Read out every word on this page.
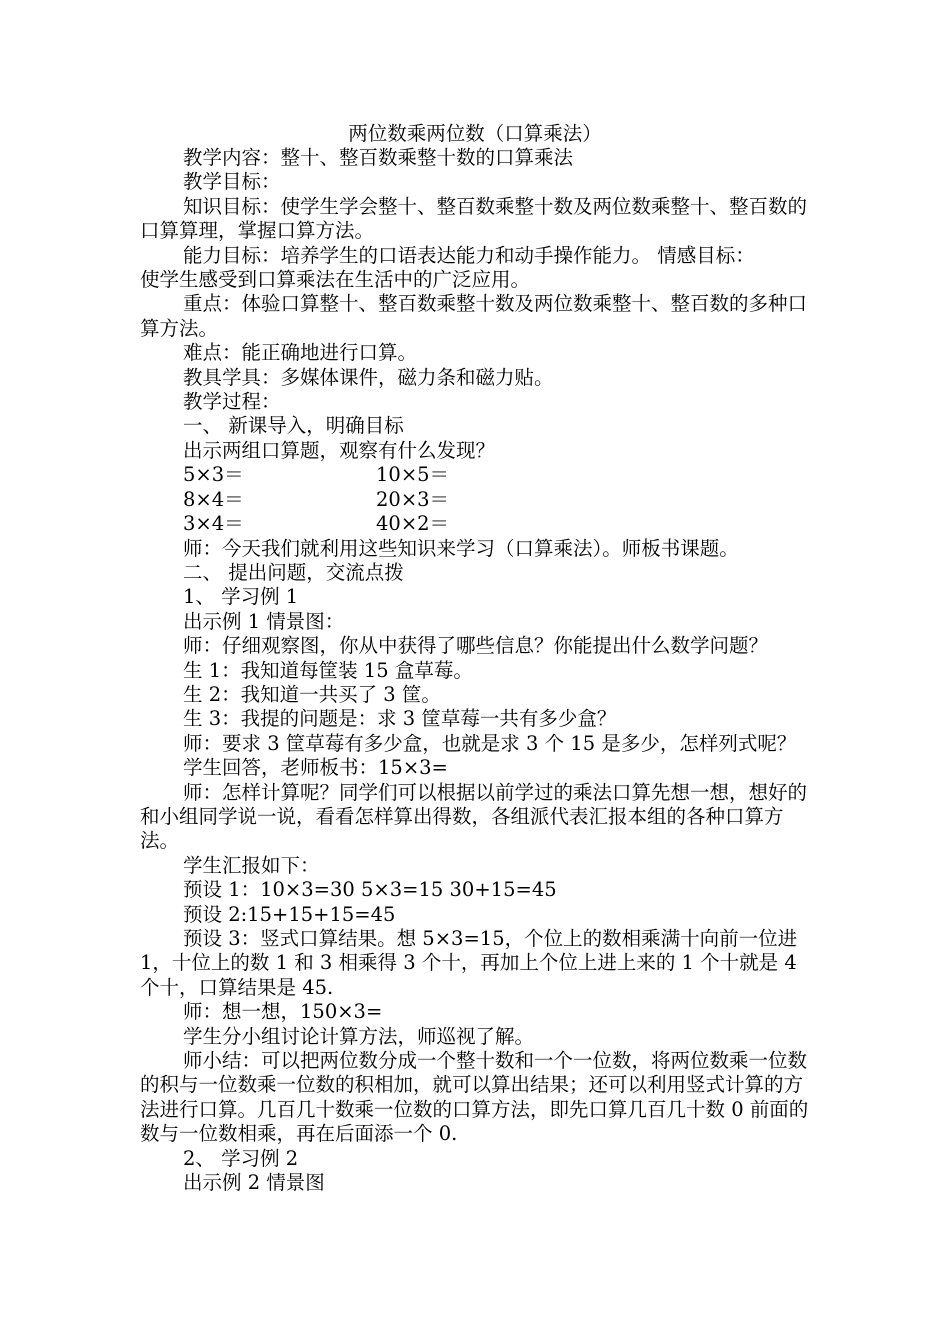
两位数乘两位数（口算乘法）

教学内容：整十、整百数乘整十数的口算乘法

教学目标：

知识目标：使学生学会整十、整百数乘整十数及两位数乘整十、整百数的口算算理，掌握口算方法。

能力目标：培养学生的口语表达能力和动手操作能力。 情感目标：

使学生感受到口算乘法在生活中的广泛应用。

重点：体验口算整十、整百数乘整十数及两位数乘整十、整百数的多种口算方法。

难点：能正确地进行口算。

教具学具：多媒体课件，磁力条和磁力贴。

教学过程：

一、 新课导入，明确目标

出示两组口算题，观察有什么发现？

5×3＝	10×5＝
8×4＝	20×3＝
3×4＝	40×2＝

师：今天我们就利用这些知识来学习（口算乘法）。师板书课题。

二、 提出问题，交流点拨

1、 学习例 1

出示例 1 情景图：

师：仔细观察图，你从中获得了哪些信息？你能提出什么数学问题？

生 1：我知道每筐装 15 盒草莓。

生 2：我知道一共买了 3 筐。

生 3：我提的问题是：求 3 筐草莓一共有多少盒？

师：要求 3 筐草莓有多少盒，也就是求 3 个 15 是多少，怎样列式呢？

学生回答，老师板书：15×3=

师：怎样计算呢？同学们可以根据以前学过的乘法口算先想一想，想好的和小组同学说一说，看看怎样算出得数，各组派代表汇报本组的各种口算方法。

学生汇报如下：

预设 1：10×3=30 5×3=15 30+15=45

预设 2:15+15+15=45

预设 3：竖式口算结果。想 5×3=15，个位上的数相乘满十向前一位进 1，十位上的数 1 和 3 相乘得 3 个十，再加上个位上进上来的 1 个十就是 4 个十，口算结果是 45.

师：想一想，150×3=

学生分小组讨论计算方法，师巡视了解。

师小结：可以把两位数分成一个整十数和一个一位数，将两位数乘一位数的积与一位数乘一位数的积相加，就可以算出结果；还可以利用竖式计算的方法进行口算。几百几十数乘一位数的口算方法，即先口算几百几十数 0 前面的数与一位数相乘，再在后面添一个 0.

2、 学习例 2

出示例 2 情景图
